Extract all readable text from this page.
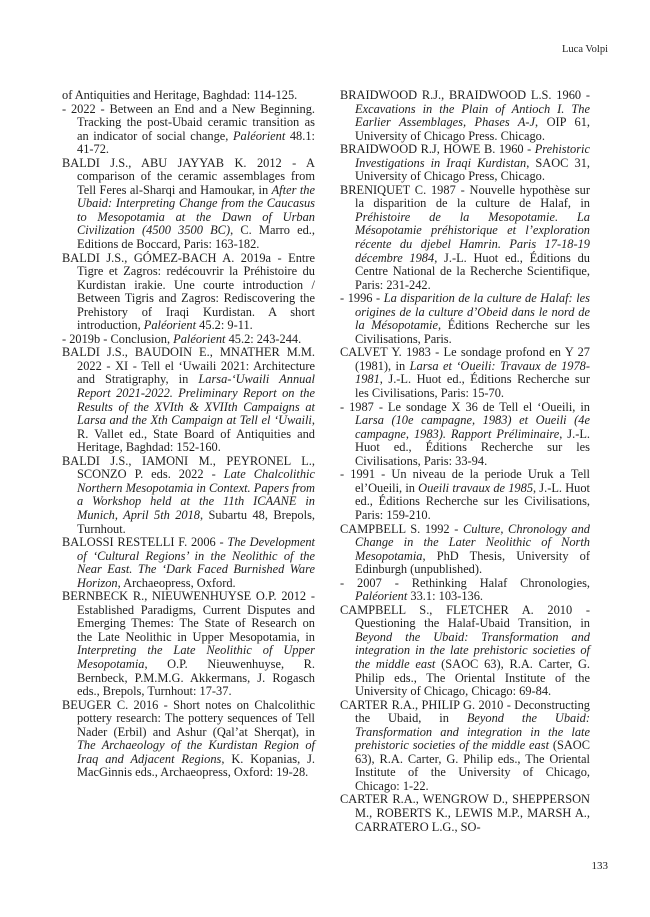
Luca Volpi

of Antiquities and Heritage, Baghdad: 114-125.

- 2022 - Between an End and a New Beginning. Tracking the post-Ubaid ceramic transition as an indicator of social change, Paléorient 48.1: 41-72.

BALDI J.S., ABU JAYYAB K. 2012 - A comparison of the ceramic assemblages from Tell Feres al-Sharqi and Hamoukar, in After the Ubaid: Interpreting Change from the Caucasus to Mesopotamia at the Dawn of Urban Civilization (4500 3500 BC), C. Marro ed., Editions de Boccard, Paris: 163-182.

BALDI J.S., GÓMEZ-BACH A. 2019a - Entre Tigre et Zagros: redécouvrir la Préhistoire du Kurdistan irakie. Une courte introduction / Between Tigris and Zagros: Rediscovering the Prehistory of Iraqi Kurdistan. A short introduction, Paléorient 45.2: 9-11.

- 2019b - Conclusion, Paléorient 45.2: 243-244.

BALDI J.S., BAUDOIN E., MNATHER M.M. 2022 - XI - Tell el ‘Uwaili 2021: Architecture and Stratigraphy, in Larsa-‘Uwaili Annual Report 2021-2022. Preliminary Report on the Results of the XVIth & XVIIth Campaigns at Larsa and the Xth Campaign at Tell el ‘Uwaili, R. Vallet ed., State Board of Antiquities and Heritage, Baghdad: 152-160.

BALDI J.S., IAMONI M., PEYRONEL L., SCONZO P. eds. 2022 - Late Chalcolithic Northern Mesopotamia in Context. Papers from a Workshop held at the 11th ICAANE in Munich, April 5th 2018, Subartu 48, Brepols, Turnhout.

BALOSSI RESTELLI F. 2006 - The Development of ‘Cultural Regions’ in the Neolithic of the Near East. The ‘Dark Faced Burnished Ware Horizon, Archaeopress, Oxford.

BERNBECK R., NIEUWENHUYSE O.P. 2012 - Established Paradigms, Current Disputes and Emerging Themes: The State of Research on the Late Neolithic in Upper Mesopotamia, in Interpreting the Late Neolithic of Upper Mesopotamia, O.P. Nieuwenhuyse, R. Bernbeck, P.M.M.G. Akkermans, J. Rogasch eds., Brepols, Turnhout: 17-37.

BEUGER C. 2016 - Short notes on Chalcolithic pottery research: The pottery sequences of Tell Nader (Erbil) and Ashur (Qal’at Sherqat), in The Archaeology of the Kurdistan Region of Iraq and Adjacent Regions, K. Kopanias, J. MacGinnis eds., Archaeopress, Oxford: 19-28.

BRAIDWOOD R.J., BRAIDWOOD L.S. 1960 - Excavations in the Plain of Antioch I. The Earlier Assemblages, Phases A-J, OIP 61, University of Chicago Press. Chicago.

BRAIDWOOD R.J, HOWE B. 1960 - Prehistoric Investigations in Iraqi Kurdistan, SAOC 31, University of Chicago Press, Chicago.

BRENIQUET C. 1987 - Nouvelle hypothèse sur la disparition de la culture de Halaf, in Préhistoire de la Mesopotamie. La Mésopotamie préhistorique et l’exploration récente du djebel Hamrin. Paris 17-18-19 décembre 1984, J.-L. Huot ed., Éditions du Centre National de la Recherche Scientifique, Paris: 231-242.

- 1996 - La disparition de la culture de Halaf: les origines de la culture d’Obeid dans le nord de la Mésopotamie, Éditions Recherche sur les Civilisations, Paris.

CALVET Y. 1983 - Le sondage profond en Y 27 (1981), in Larsa et ‘Oueili: Travaux de 1978-1981, J.-L. Huot ed., Éditions Recherche sur les Civilisations, Paris: 15-70.

- 1987 - Le sondage X 36 de Tell el ‘Oueili, in Larsa (10e campagne, 1983) et Oueili (4e campagne, 1983). Rapport Préliminaire, J.-L. Huot ed., Éditions Recherche sur les Civilisations, Paris: 33-94.

- 1991 - Un niveau de la periode Uruk a Tell el’Oueili, in Oueili travaux de 1985, J.-L. Huot ed., Éditions Recherche sur les Civilisations, Paris: 159-210.

CAMPBELL S. 1992 - Culture, Chronology and Change in the Later Neolithic of North Mesopotamia, PhD Thesis, University of Edinburgh (unpublished).

- 2007 - Rethinking Halaf Chronologies, Paléorient 33.1: 103-136.

CAMPBELL S., FLETCHER A. 2010 - Questioning the Halaf-Ubaid Transition, in Beyond the Ubaid: Transformation and integration in the late prehistoric societies of the middle east (SAOC 63), R.A. Carter, G. Philip eds., The Oriental Institute of the University of Chicago, Chicago: 69-84.

CARTER R.A., PHILIP G. 2010 - Deconstructing the Ubaid, in Beyond the Ubaid: Transformation and integration in the late prehistoric societies of the middle east (SAOC 63), R.A. Carter, G. Philip eds., The Oriental Institute of the University of Chicago, Chicago: 1-22.

CARTER R.A., WENGROW D., SHEPPERSON M., ROBERTS K., LEWIS M.P., MARSH A., CARRATERO L.G., SO-

133
